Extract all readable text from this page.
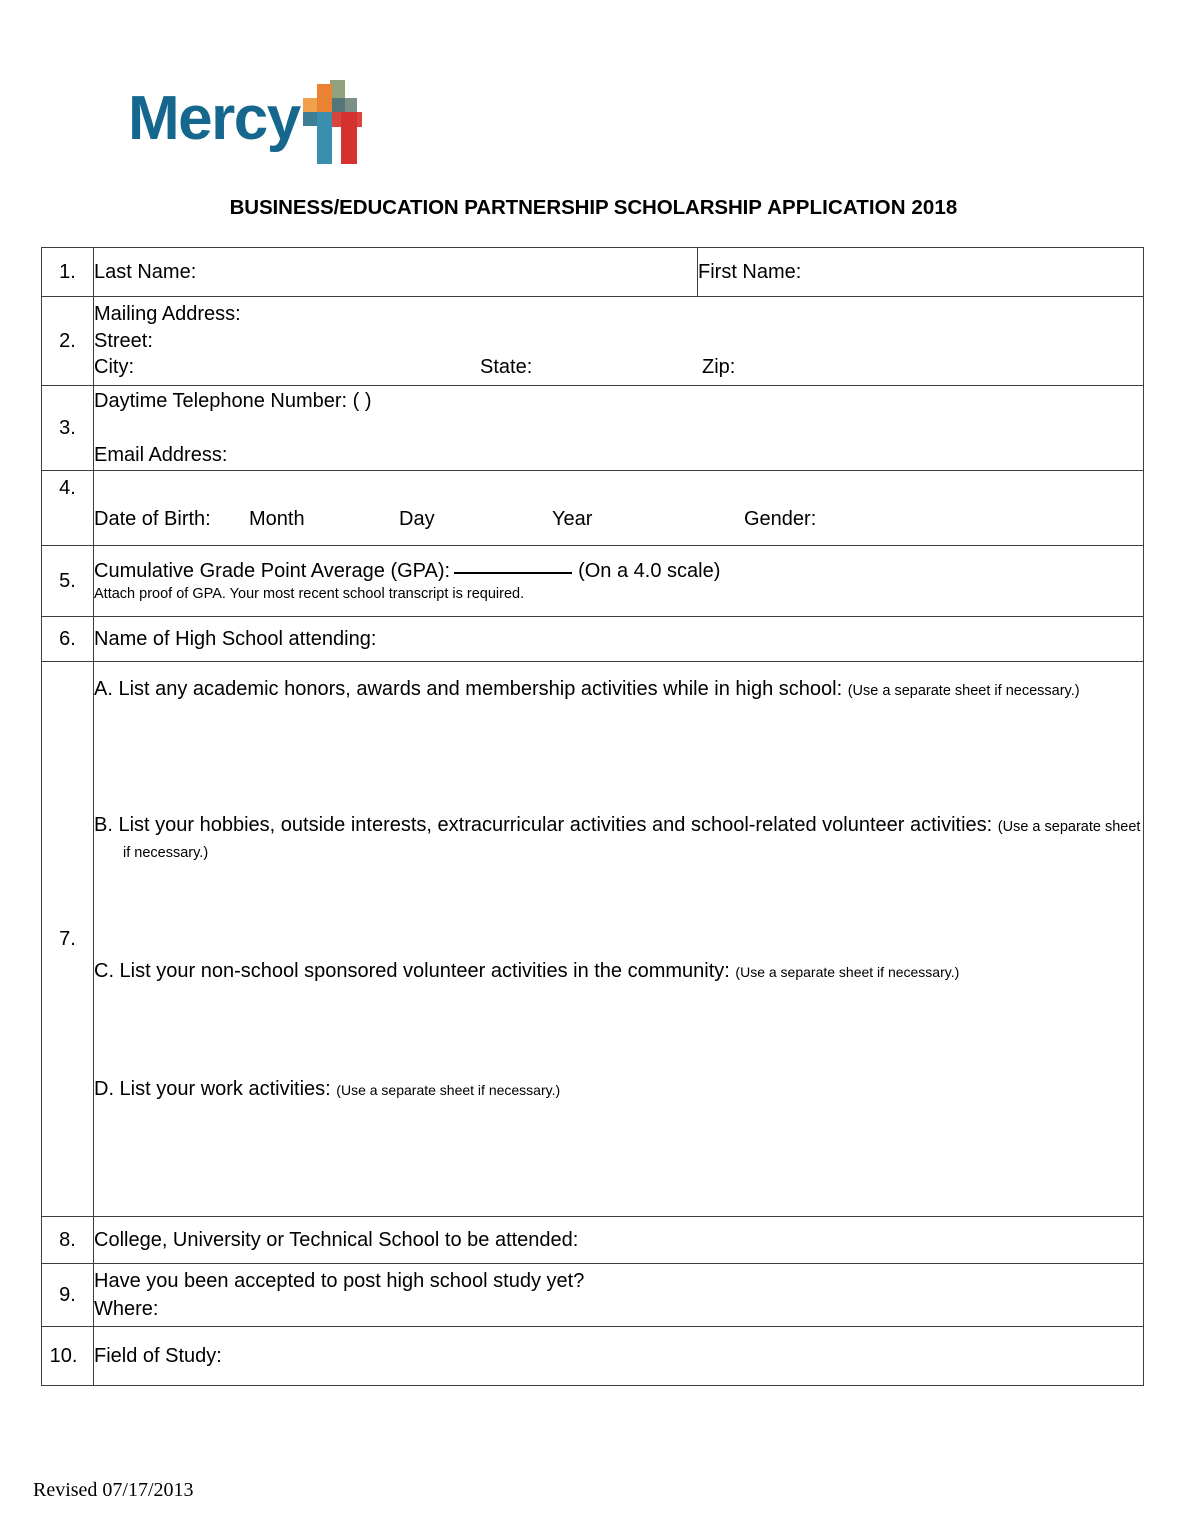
Mercy
BUSINESS/EDUCATION PARTNERSHIP SCHOLARSHIP APPLICATION 2018
1.	Last Name:	First Name:
2.	Mailing Address:
Street:
City: State: Zip:	

3.	Daytime Telephone Number: ( )
Email Address:	

4.	Date of Birth: Month Day Year Gender:	

5.	Cumulative Grade Point Average (GPA): (On a 4.0 scale)
Attach proof of GPA. Your most recent school transcript is required.	

6.	Name of High School attending:	
7.	A. List any academic honors, awards and membership activities while in high school: (Use a separate sheet if necessary.)
B. List your hobbies, outside interests, extracurricular activities and school-related volunteer activities: (Use a separate sheet if necessary.)
C. List your non-school sponsored volunteer activities in the community: (Use a separate sheet if necessary.)
D. List your work activities: (Use a separate sheet if necessary.)	

8.	College, University or Technical School to be attended:	
9.	Have you been accepted to post high school study yet?
Where:	

10.	Field of Study:	
Revised 07/17/2013
